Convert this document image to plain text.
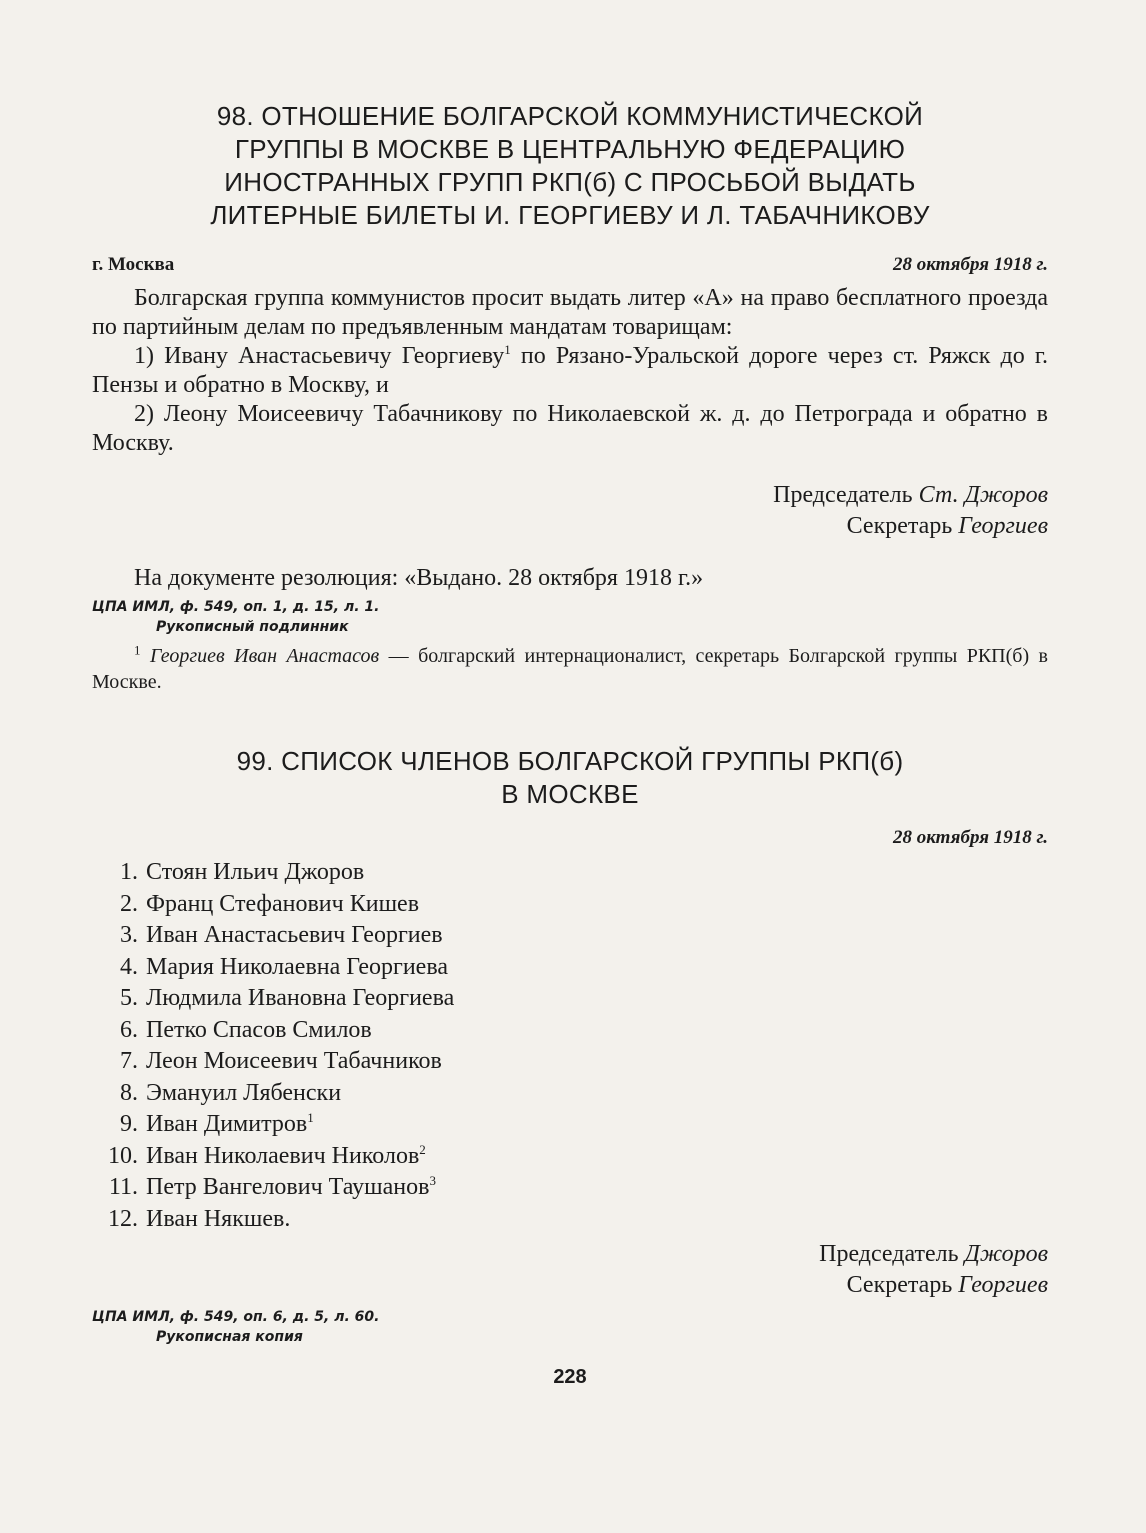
98. ОТНОШЕНИЕ БОЛГАРСКОЙ КОММУНИСТИЧЕСКОЙ
ГРУППЫ В МОСКВЕ В ЦЕНТРАЛЬНУЮ ФЕДЕРАЦИЮ
ИНОСТРАННЫХ ГРУПП РКП(б) С ПРОСЬБОЙ ВЫДАТЬ
ЛИТЕРНЫЕ БИЛЕТЫ И. ГЕОРГИЕВУ И Л. ТАБАЧНИКОВУ
г. Москва	28 октября 1918 г.
Болгарская группа коммунистов просит выдать литер «А» на право бесплатного проезда по партийным делам по предъявленным мандатам товарищам:
1) Ивану Анастасьевичу Георгиеву$^1$ по Рязано-Уральской дороге через ст. Ряжск до г. Пензы и обратно в Москву, и
2) Леону Моисеевичу Табачникову по Николаевской ж. д. до Петрограда и обратно в Москву.
Председатель Ст. Джоров
Секретарь Георгиев
На документе резолюция: «Выдано. 28 октября 1918 г.»
ЦПА ИМЛ, ф. 549, оп. 1, д. 15, л. 1.
Рукописный подлинник
$^1$ Георгиев Иван Анастасов — болгарский интернационалист, секретарь Болгарской группы РКП(б) в Москве.
99. СПИСОК ЧЛЕНОВ БОЛГАРСКОЙ ГРУППЫ РКП(б)
В МОСКВЕ
28 октября 1918 г.
1. Стоян Ильич Джоров
2. Франц Стефанович Кишев
3. Иван Анастасьевич Георгиев
4. Мария Николаевна Георгиева
5. Людмила Ивановна Георгиева
6. Петко Спасов Смилов
7. Леон Моисеевич Табачников
8. Эмануил Лябенски
9. Иван Димитров$^1$
10. Иван Николаевич Николов$^2$
11. Петр Вангелович Таушанов$^3$
12. Иван Някшев.
Председатель Джоров
Секретарь Георгиев
ЦПА ИМЛ, ф. 549, оп. 6, д. 5, л. 60.
Рукописная копия
228
